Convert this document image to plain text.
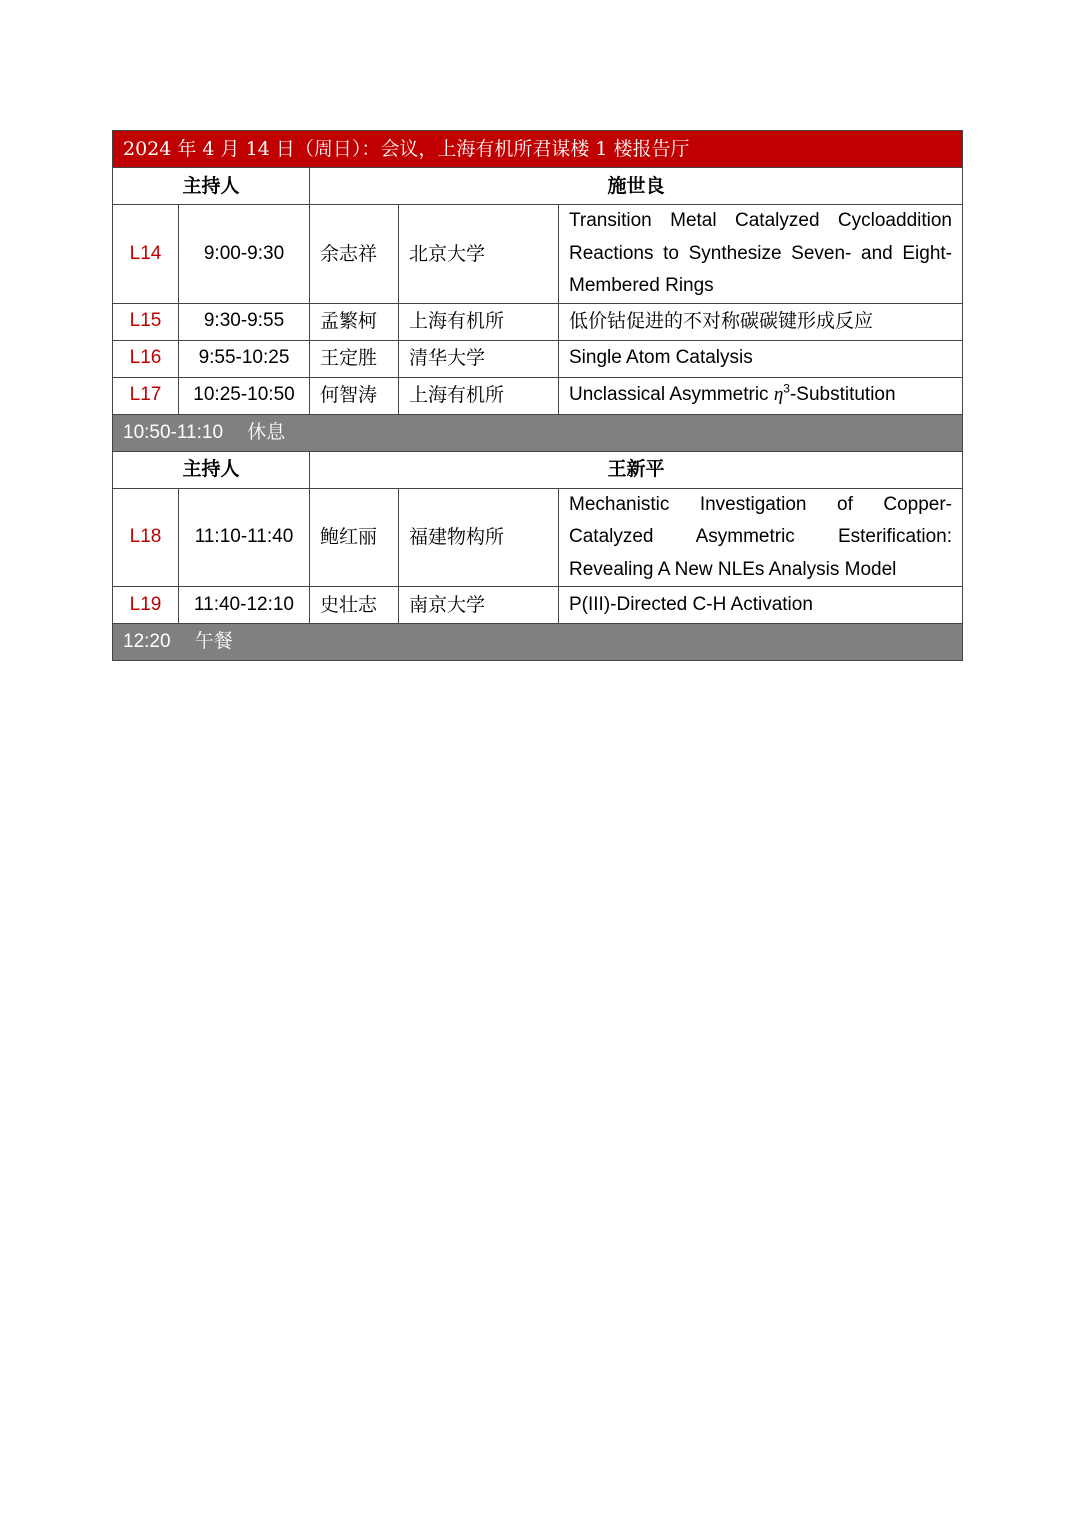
2024 年 4 月 14 日（周日）：会议，上海有机所君谋楼 1 楼报告厅				
主持人		施世良		
L14	9:00-9:30	余志祥	北京大学	Transition Metal Catalyzed Cycloaddition Reactions to Synthesize Seven- and Eight-Membered Rings
L15	9:30-9:55	孟繁柯	上海有机所	低价钴促进的不对称碳碳键形成反应
L16	9:55-10:25	王定胜	清华大学	Single Atom Catalysis
L17	10:25-10:50	何智涛	上海有机所	Unclassical Asymmetric $\eta^3$-Substitution
10:50-11:10 休息				
主持人		王新平		
L18	11:10-11:40	鲍红丽	福建物构所	Mechanistic Investigation of Copper-Catalyzed Asymmetric Esterification: Revealing A New NLEs Analysis Model
L19	11:40-12:10	史壮志	南京大学	P(III)-Directed C-H Activation
12:20 午餐				
